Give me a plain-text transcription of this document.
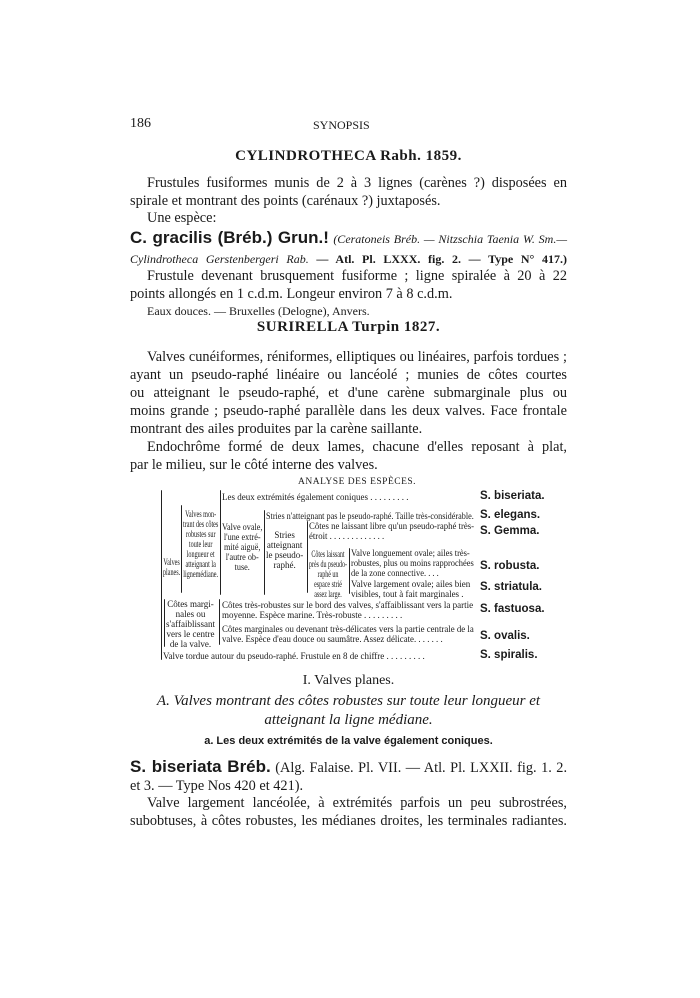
186	SYNOPSIS
CYLINDROTHECA Rabh. 1859.
Frustules fusiformes munis de 2 à 3 lignes (carènes ?) disposées en
spirale et montrant des points (carénaux ?) juxtaposés.
Une espèce:
C. gracilis (Bréb.) Grun.! (Ceratoneis Bréb. — Nitzschia Taenia W. Sm.—
Cylindrotheca Gerstenbergeri Rab. — Atl. Pl. LXXX. fig. 2. — Type N° 417.)
Frustule devenant brusquement fusiforme ; ligne spiralée à 20 à 22
points allongés en 1 c.d.m. Longeur environ 7 à 8 c.d.m.
Eaux douces. — Bruxelles (Delogne), Anvers.
SURIRELLA Turpin 1827.
Valves cunéiformes, réniformes, elliptiques ou linéaires, parfois tordues ;
ayant un pseudo-raphé linéaire ou lancéolé ; munies de côtes courtes
ou atteignant le pseudo-raphé, et d'une carène submarginale plus ou
moins grande ; pseudo-raphé parallèle dans les deux valves. Face frontale
montrant des ailes produites par la carène saillante.
Endochrôme formé de deux lames, chacune d'elles reposant à plat,
par le milieu, sur le côté interne des valves.
ANALYSE DES ESPÈCES.
Valves
planes.
Valves mon-
trant des côtes
robustes sur
toute leur
longueur et
atteignant la
lignemédiane.
Valve ovale,
l'une extré-
mité aiguë,
l'autre ob-
tuse.
Stries
atteignant
le pseudo-
raphé.
Côtes laissant
près du pseudo-
raphé un
espace strié
assez large.
Les deux extrémités également coniques . . . . . . . . .
Stries n'atteignant pas le pseudo-raphé. Taille très-considérable.
Côtes ne laissant libre qu'un pseudo-raphé très-
étroit . . . . . . . . . . . . .
Valve longuement ovale; ailes très-
robustes, plus ou moins rapprochées
de la zone connective. . . .
Valve largement ovale; ailes bien
visibles, tout à fait marginales .
Côtes margi-
nales ou
s'affaiblissant
vers le centre
de la valve.
Côtes très-robustes sur le bord des valves, s'affaiblissant vers la partie
moyenne. Espèce marine. Très-robuste . . . . . . . . .
Côtes marginales ou devenant très-délicates vers la partie centrale de la
valve. Espèce d'eau douce ou saumâtre. Assez délicate. . . . . . .
Valve tordue autour du pseudo-raphé. Frustule en 8 de chiffre . . . . . . . . .
S. biseriata.
S. elegans.
S. Gemma.
S. robusta.
S. striatula.
S. fastuosa.
S. ovalis.
S. spiralis.
I. Valves planes.
A. Valves montrant des côtes robustes sur toute leur longueur et
atteignant la ligne médiane.
a. Les deux extrémités de la valve également coniques.
S. biseriata Bréb. (Alg. Falaise. Pl. VII. — Atl. Pl. LXXII. fig. 1. 2.
et 3. — Type Nos 420 et 421).
Valve largement lancéolée, à extrémités parfois un peu subrostrées,
subobtuses, à côtes robustes, les médianes droites, les terminales radiantes.
